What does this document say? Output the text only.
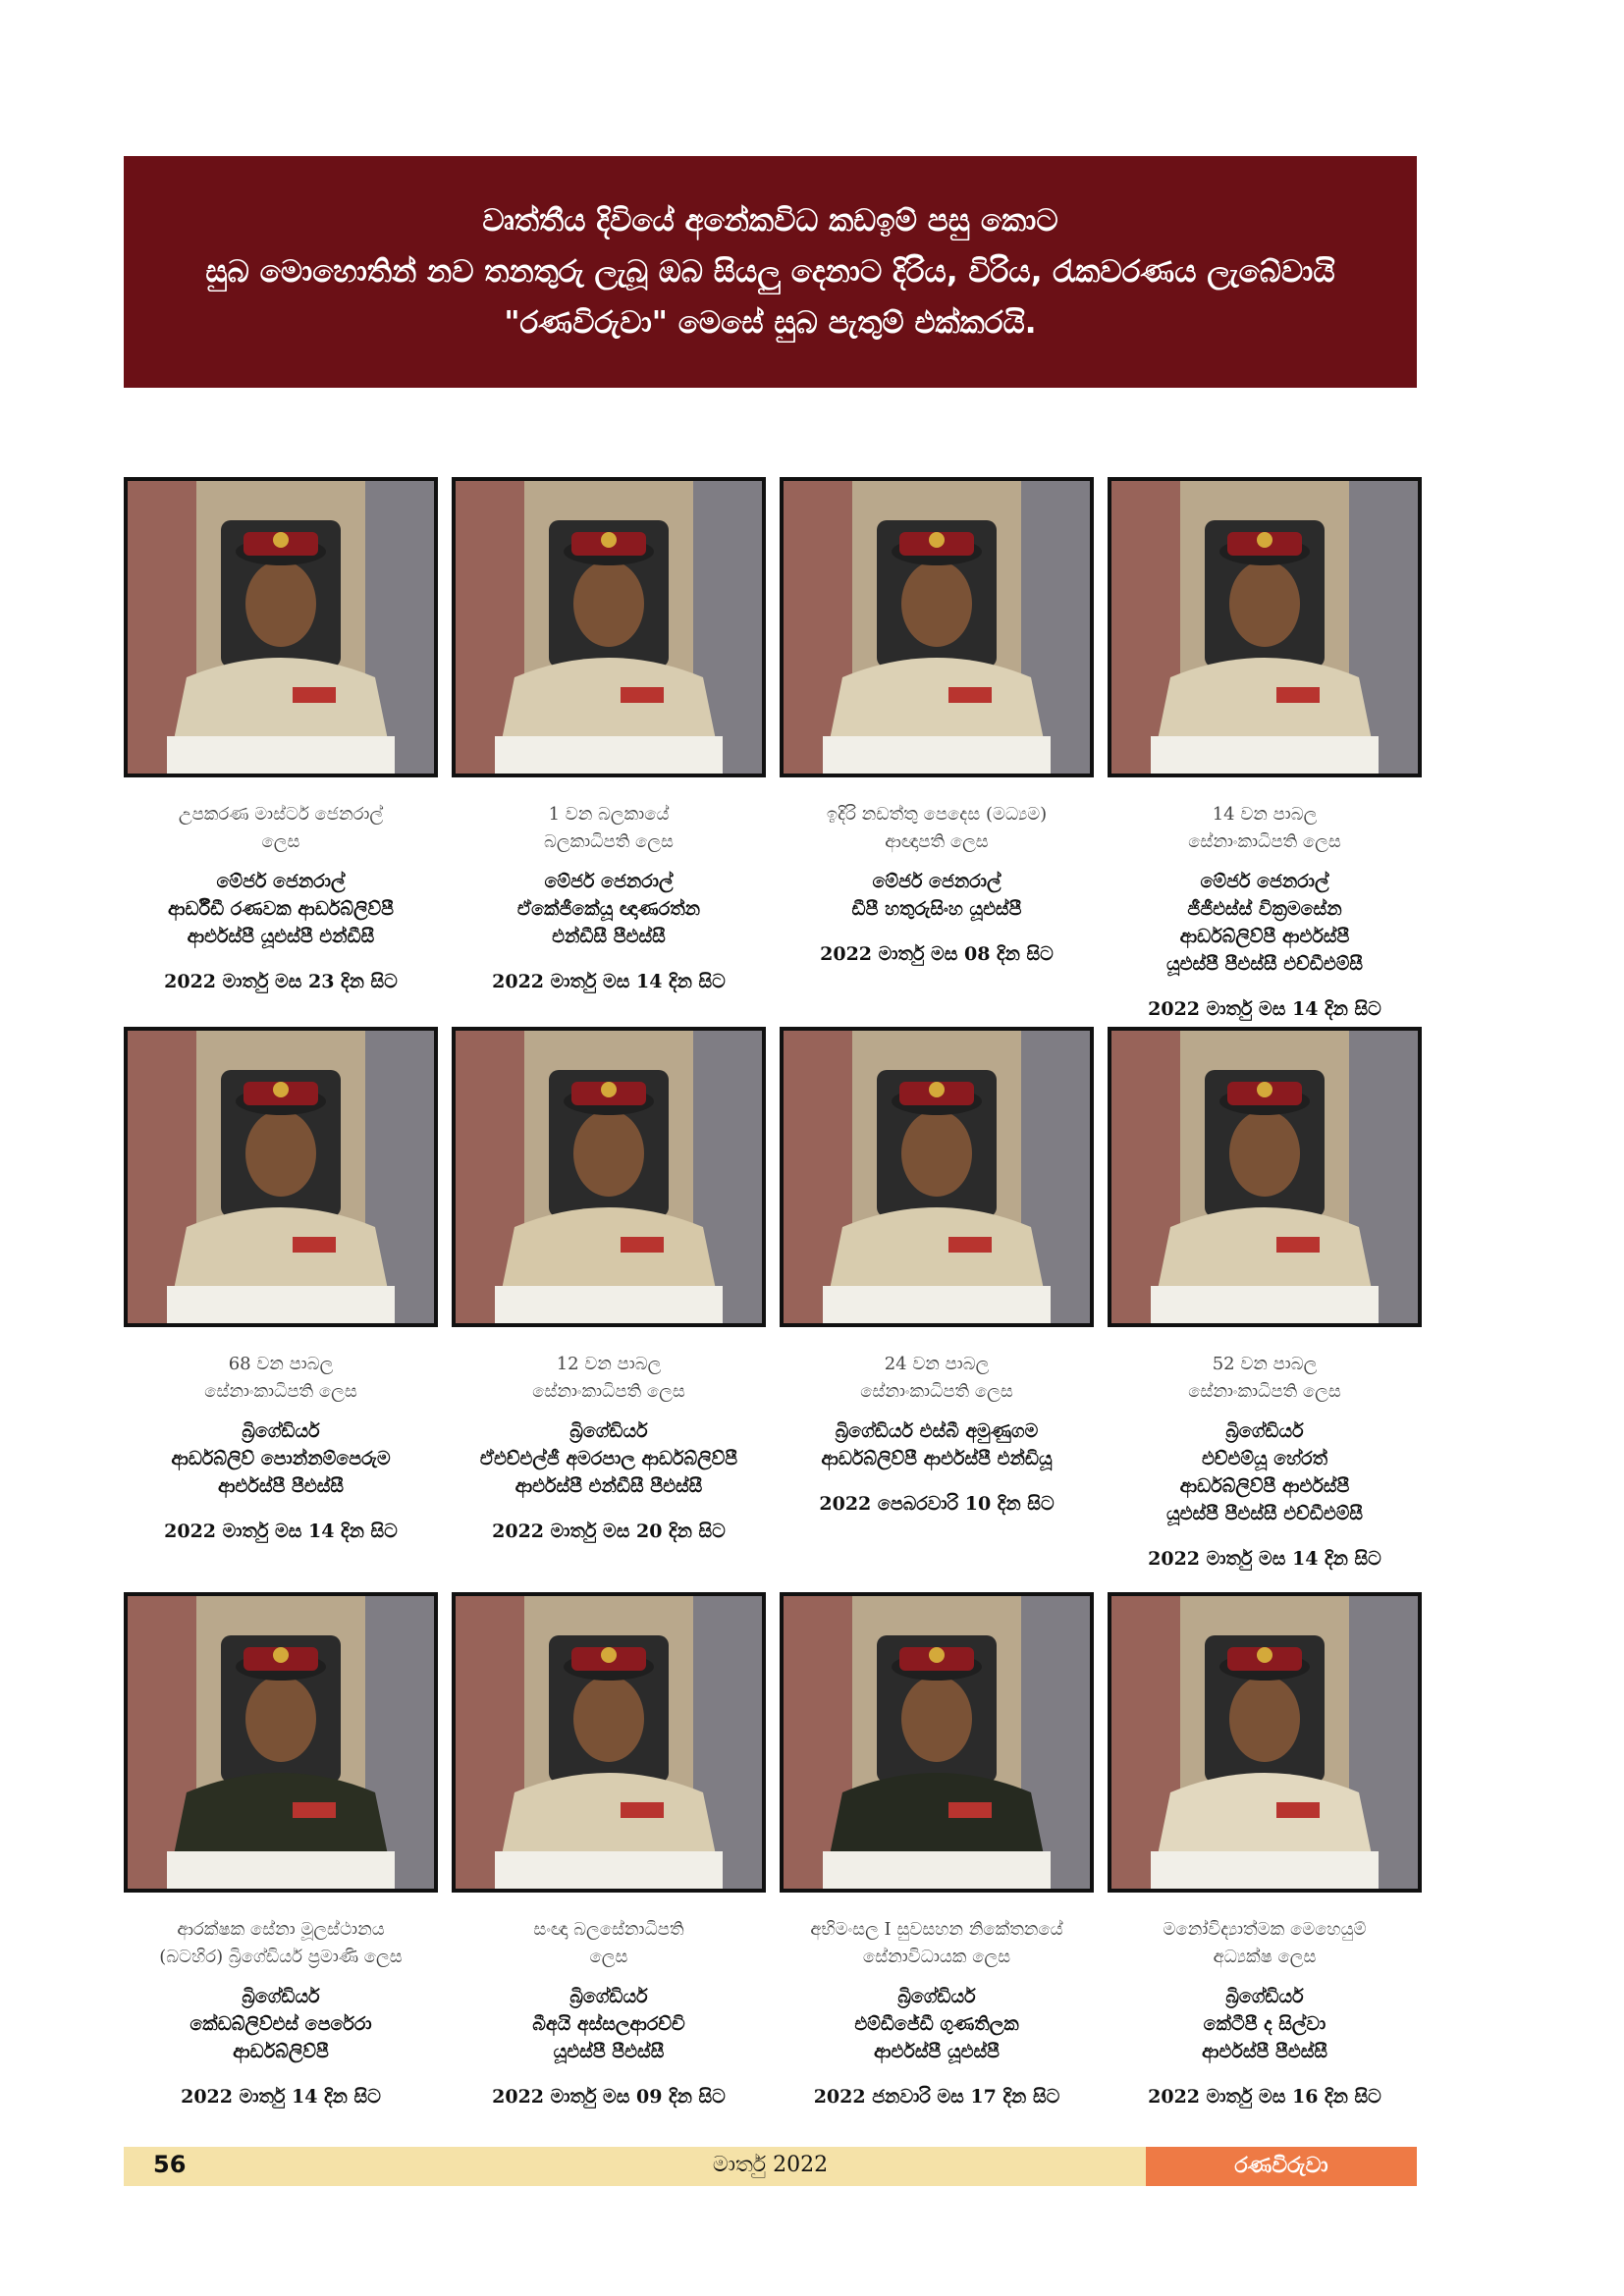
වෘත්තීය දිවියේ අනේකවිධ කඩඉම් පසු කොට
සුබ මොහොතින් නව තනතුරු ලැබූ ඔබ සියලු දෙනාට දිරිය, විරිය, රැකවරණය ලැබේවායි
"රණවිරුවා" මෙසේ සුබ පැතුම් එක්කරයි.
උපකරණ මාස්ටර් ජෙනරාල්
ලෙස
මේජර් ජෙනරාල්
ආර්ඩීඩී රණවක ආර්ඩබ්ලිව්පී
ආර්එස්පී යූඑස්පී එන්ඩීසී
2022 මාර්තු මස 23 දින සිට
1 වන බලකායේ
බලකාධිපති ලෙස
මේජර් ජෙනරාල්
ඒකේජීකේයූ ඥාණරත්න
එන්ඩීසී පීඑස්සී
2022 මාර්තු මස 14 දින සිට
ඉදිරි නඩත්තු පෙදෙස (මධ්‍යම)
ආඥාපති ලෙස
මේජර් ජෙනරාල්
ඩීපී හතුරුසිංහ යූඑස්පී
2022 මාර්තු මස 08 දින සිට
14 වන පාබල
සේනාංකාධිපති ලෙස
මේජර් ජෙනරාල්
ජීජීඑස්ස් වික්‍රමසේන
ආර්ඩබ්ලිව්පී ආර්එස්පී
යූඑස්පී පීඑස්සී එච්ඩීඑම්සී
2022 මාර්තු මස 14 දින සිට
68 වන පාබල
සේනාංකාධිපති ලෙස
බ්‍රිගේඩියර්
ආර්ඩබ්ලිව් පොන්නම්පෙරුම
ආර්එස්පී පීඑස්සී
2022 මාර්තු මස 14 දින සිට
12 වන පාබල
සේනාංකාධිපති ලෙස
බ්‍රිගේඩියර්
ඒඑච්එල්ජී අමරපාල ආර්ඩබ්ලිව්පී
ආර්එස්පී එන්ඩීසී පීඑස්සී
2022 මාර්තු මස 20 දින සිට
24 වන පාබල
සේනාංකාධිපති ලෙස
බ්‍රිගේඩියර් එස්බී අමුණුගම
ආර්ඩබ්ලිව්පී ආර්එස්පී එන්ඩියූ
2022 පෙබරවාරි 10 දින සිට
52 වන පාබල
සේනාංකාධිපති ලෙස
බ්‍රිගේඩියර්
එච්එම්යූ හේරත්
ආර්ඩබ්ලිව්පී ආර්එස්පී
යූඑස්පී පීඑස්සී එච්ඩීඑම්සී
2022 මාර්තු මස 14 දින සිට
ආරක්ෂක සේනා මූලස්ථානය
(බටහිර) බ්‍රිගේඩියර් ප්‍රමාණි ලෙස
බ්‍රිගේඩියර්
කේඩබ්ලිව්එස් පෙරේරා
ආර්ඩබ්ලිව්පී
2022 මාර්තු 14 දින සිට
සංඥා බලසේනාධිපති
ලෙස
බ්‍රිගේඩියර්
බීඅයි අස්සලආරච්චි
යූඑස්පී පීඑස්සී
2022 මාර්තු මස 09 දින සිට
අභිමංසල I සුවසහන නිකේතනයේ
සේනාවිධායක ලෙස
බ්‍රිගේඩියර්
එම්ඩීජේඩී ගුණතිලක
ආර්එස්පී යූඑස්පී
2022 ජනවාරි මස 17 දින සිට
මනෝවිද්‍යාත්මක මෙහෙයුම්
අධ්‍යක්ෂ ලෙස
බ්‍රිගේඩියර්
කේටීපී ද සිල්වා
ආර්එස්පී පීඑස්සී
2022 මාර්තු මස 16 දින සිට
56	මාර්තු 2022	රණවිරුවා
